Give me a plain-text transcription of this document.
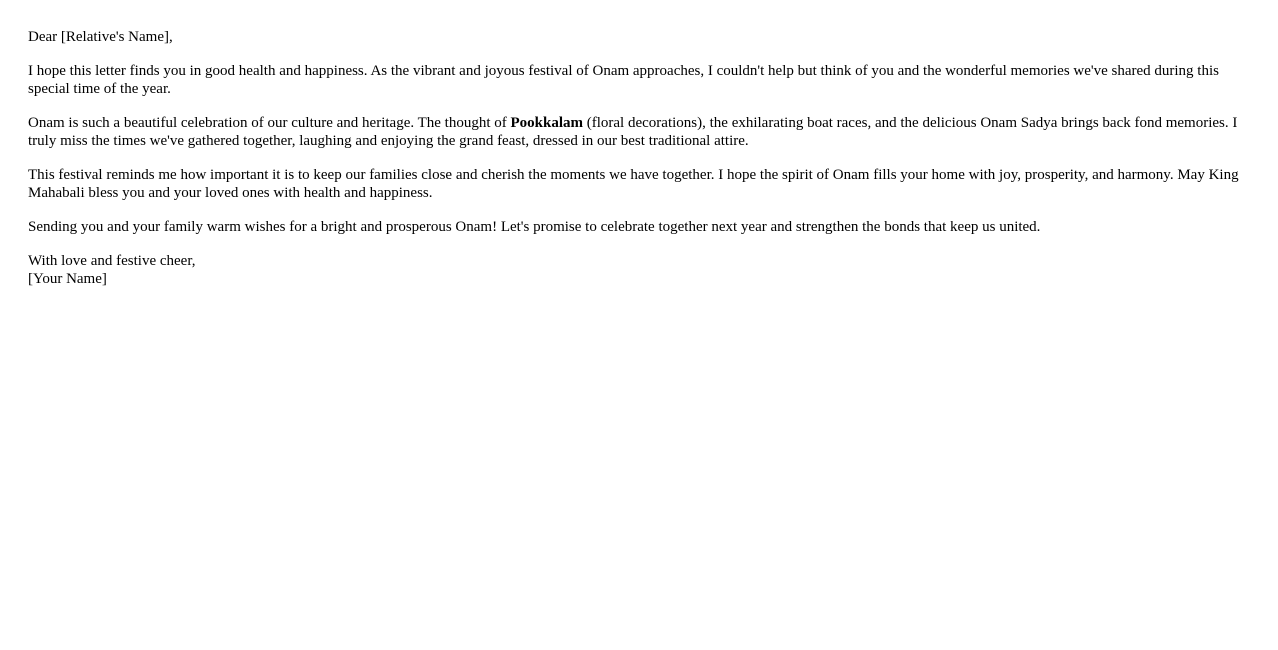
Dear [Relative's Name],

I hope this letter finds you in good health and happiness. As the vibrant and joyous festival of Onam approaches, I couldn't help but think of you and the wonderful memories we've shared during this special time of the year.

Onam is such a beautiful celebration of our culture and heritage. The thought of Pookkalam (floral decorations), the exhilarating boat races, and the delicious Onam Sadya brings back fond memories. I truly miss the times we've gathered together, laughing and enjoying the grand feast, dressed in our best traditional attire.

This festival reminds me how important it is to keep our families close and cherish the moments we have together. I hope the spirit of Onam fills your home with joy, prosperity, and harmony. May King Mahabali bless you and your loved ones with health and happiness.

Sending you and your family warm wishes for a bright and prosperous Onam! Let's promise to celebrate together next year and strengthen the bonds that keep us united.

With love and festive cheer,
[Your Name]
